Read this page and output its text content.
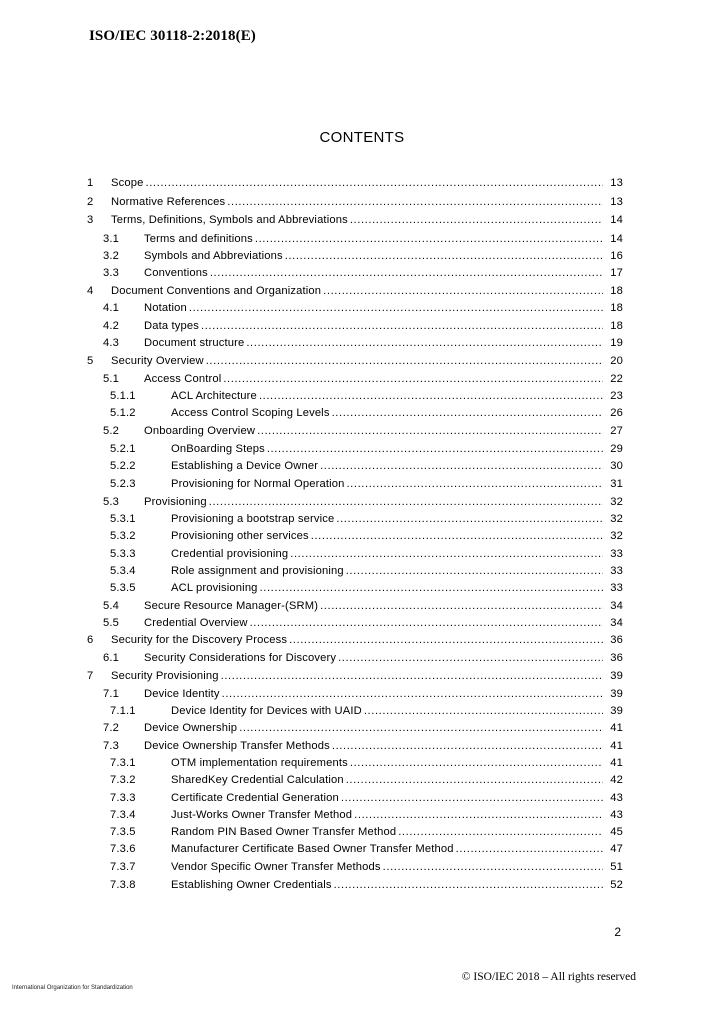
ISO/IEC 30118-2:2018(E)
CONTENTS
1 Scope .....	13
2 Normative References .....	13
3 Terms, Definitions, Symbols and Abbreviations .....	14
3.1 Terms and definitions .....	14
3.2 Symbols and Abbreviations .....	16
3.3 Conventions .....	17
4 Document Conventions and Organization .....	18
4.1 Notation .....	18
4.2 Data types .....	18
4.3 Document structure .....	19
5 Security Overview .....	20
5.1 Access Control .....	22
5.1.1	ACL Architecture .....	23
5.1.2	Access Control Scoping Levels .....	26
5.2 Onboarding Overview .....	27
5.2.1	OnBoarding Steps .....	29
5.2.2	Establishing a Device Owner .....	30
5.2.3	Provisioning for Normal Operation .....	31
5.3 Provisioning .....	32
5.3.1	Provisioning a bootstrap service .....	32
5.3.2	Provisioning other services .....	32
5.3.3	Credential provisioning .....	33
5.3.4	Role assignment and provisioning .....	33
5.3.5	ACL provisioning .....	33
5.4 Secure Resource Manager-(SRM) .....	34
5.5 Credential Overview .....	34
6 Security for the Discovery Process .....	36
6.1 Security Considerations for Discovery .....	36
7 Security Provisioning .....	39
7.1 Device Identity .....	39
7.1.1	Device Identity for Devices with UAID .....	39
7.2 Device Ownership .....	41
7.3 Device Ownership Transfer Methods .....	41
7.3.1	OTM implementation requirements .....	41
7.3.2	SharedKey Credential Calculation .....	42
7.3.3	Certificate Credential Generation .....	43
7.3.4	Just-Works Owner Transfer Method .....	43
7.3.5	Random PIN Based Owner Transfer Method .....	45
7.3.6	Manufacturer Certificate Based Owner Transfer Method .....	47
7.3.7	Vendor Specific Owner Transfer Methods .....	51
7.3.8	Establishing Owner Credentials .....	52
2
© ISO/IEC 2018 – All rights reserved
International Organization for Standardization
